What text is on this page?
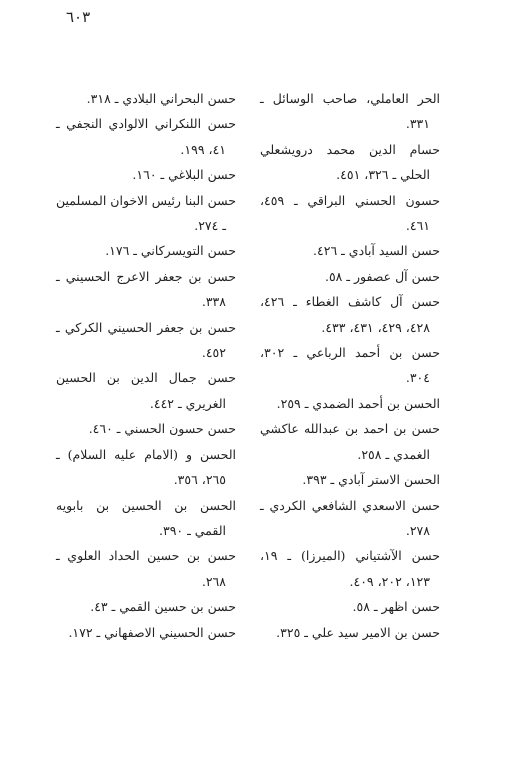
٦٠٣

الحر العاملي، صاحب الوسائل ـ ٣٣١.

حسام الدين محمد درويشعلي الحلي ـ ٣٢٦، ٤٥١.

حسون الحسني البراقي ـ ٤٥٩، ٤٦١.

حسن السيد آبادي ـ ٤٢٦.

حسن آل عصفور ـ ٥٨.

حسن آل كاشف الغطاء ـ ٤٢٦، ٤٢٨، ٤٢٩، ٤٣١، ٤٣٣.

حسن بن أحمد الرباعي ـ ٣٠٢، ٣٠٤.

الحسن بن أحمد الضمدي ـ ٢٥٩.

حسن بن احمد بن عبدالله عاكشي الغمدي ـ ٢٥٨.

الحسن الاستر آبادي ـ ٣٩٣.

حسن الاسعدي الشافعي الكردي ـ ٢٧٨.

حسن الآشتياني (الميرزا) ـ ١٩، ١٢٣، ٢٠٢، ٤٠٩.

حسن اظهر ـ ٥٨.

حسن بن الامير سيد علي ـ ٣٢٥.

حسن البحراني البلادي ـ ٣١٨.

حسن اللنكراني الالوادي النجفي ـ ٤١، ١٩٩.

حسن البلاغي ـ ١٦٠.

حسن البنا رئيس الاخوان المسلمين ـ ٢٧٤.

حسن التويسركاني ـ ١٧٦.

حسن بن جعفر الاعرج الحسيني ـ ٣٣٨.

حسن بن جعفر الحسيني الكركي ـ ٤٥٢.

حسن جمال الدين بن الحسين الغريري ـ ٤٤٢.

حسن حسون الحسني ـ ٤٦٠.

الحسن و (الامام عليه السلام) ـ ٢٦٥، ٣٥٦.

الحسن بن الحسين بن بابويه القمي ـ ٣٩٠.

حسن بن حسين الحداد العلوي ـ ٢٦٨.

حسن بن حسين القمي ـ ٤٣.

حسن الحسيني الاصفهاني ـ ١٧٢.
